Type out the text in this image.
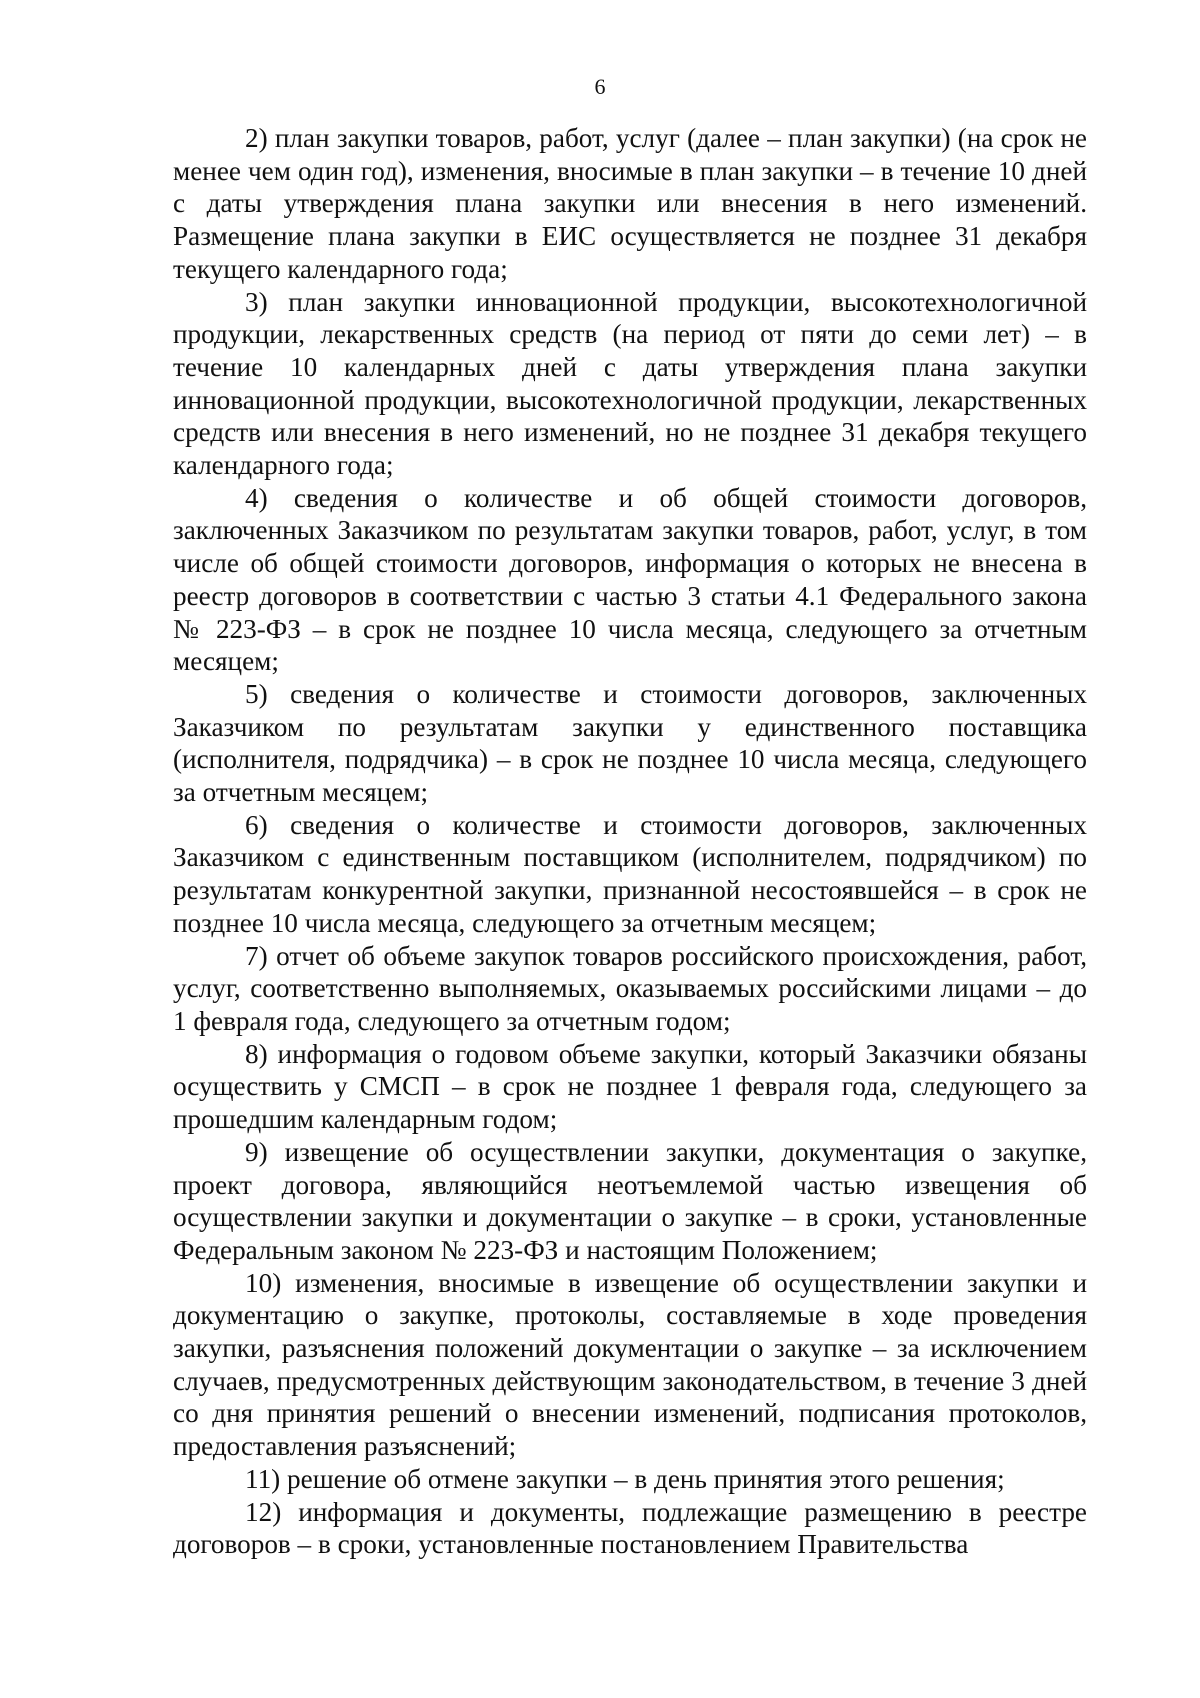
6

2) план закупки товаров, работ, услуг (далее – план закупки) (на срок не менее чем один год), изменения, вносимые в план закупки – в течение 10 дней с даты утверждения плана закупки или внесения в него изменений. Размещение плана закупки в ЕИС осуществляется не позднее 31 декабря текущего календарного года;

3) план закупки инновационной продукции, высокотехнологичной продукции, лекарственных средств (на период от пяти до семи лет) – в течение 10 календарных дней с даты утверждения плана закупки инновационной продукции, высокотехнологичной продукции, лекарственных средств или внесения в него изменений, но не позднее 31 декабря текущего календарного года;

4) сведения о количестве и об общей стоимости договоров, заключенных Заказчиком по результатам закупки товаров, работ, услуг, в том числе об общей стоимости договоров, информация о которых не внесена в реестр договоров в соответствии с частью 3 статьи 4.1 Федерального закона № 223-ФЗ – в срок не позднее 10 числа месяца, следующего за отчетным месяцем;

5) сведения о количестве и стоимости договоров, заключенных Заказчиком по результатам закупки у единственного поставщика (исполнителя, подрядчика) – в срок не позднее 10 числа месяца, следующего за отчетным месяцем;

6) сведения о количестве и стоимости договоров, заключенных Заказчиком с единственным поставщиком (исполнителем, подрядчиком) по результатам конкурентной закупки, признанной несостоявшейся – в срок не позднее 10 числа месяца, следующего за отчетным месяцем;

7) отчет об объеме закупок товаров российского происхождения, работ, услуг, соответственно выполняемых, оказываемых российскими лицами – до 1 февраля года, следующего за отчетным годом;

8) информация о годовом объеме закупки, который Заказчики обязаны осуществить у СМСП – в срок не позднее 1 февраля года, следующего за прошедшим календарным годом;

9) извещение об осуществлении закупки, документация о закупке, проект договора, являющийся неотъемлемой частью извещения об осуществлении закупки и документации о закупке – в сроки, установленные Федеральным законом № 223-ФЗ и настоящим Положением;

10) изменения, вносимые в извещение об осуществлении закупки и документацию о закупке, протоколы, составляемые в ходе проведения закупки, разъяснения положений документации о закупке – за исключением случаев, предусмотренных действующим законодательством, в течение 3 дней со дня принятия решений о внесении изменений, подписания протоколов, предоставления разъяснений;

11) решение об отмене закупки – в день принятия этого решения;

12) информация и документы, подлежащие размещению в реестре договоров – в сроки, установленные постановлением Правительства
